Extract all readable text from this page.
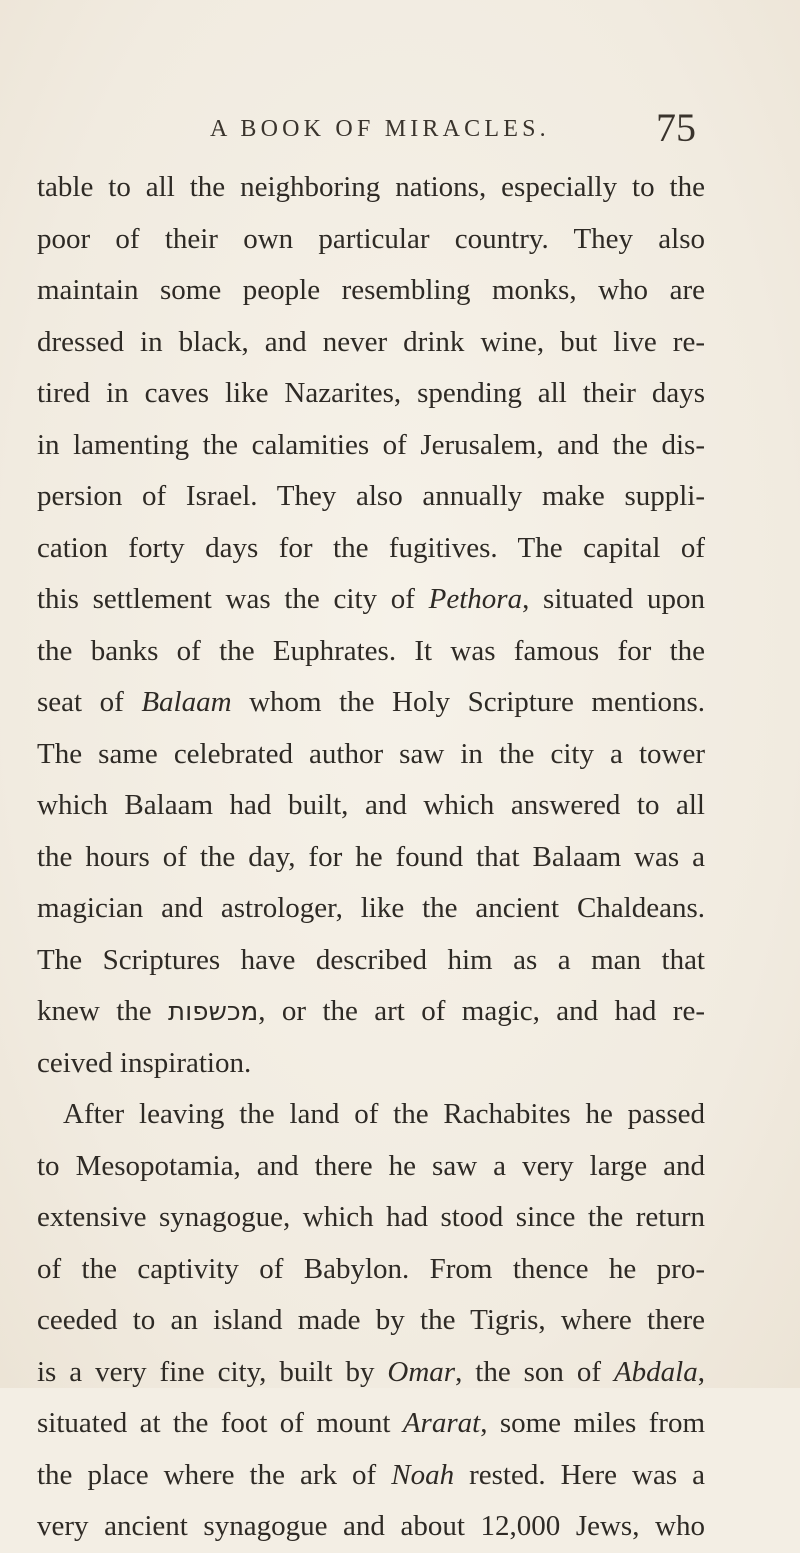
A BOOK OF MIRACLES.	75
table to all the neighboring nations, especially to the
poor of their own particular country. They also
maintain some people resembling monks, who are
dressed in black, and never drink wine, but live re-
tired in caves like Nazarites, spending all their days
in lamenting the calamities of Jerusalem, and the dis-
persion of Israel. They also annually make suppli-
cation forty days for the fugitives. The capital of
this settlement was the city of Pethora, situated upon
the banks of the Euphrates. It was famous for the
seat of Balaam whom the Holy Scripture mentions.
The same celebrated author saw in the city a tower
which Balaam had built, and which answered to all
the hours of the day, for he found that Balaam was a
magician and astrologer, like the ancient Chaldeans.
The Scriptures have described him as a man that
knew the מכשפות, or the art of magic, and had re-
ceived inspiration.
After leaving the land of the Rachabites he passed
to Mesopotamia, and there he saw a very large and
extensive synagogue, which had stood since the return
of the captivity of Babylon. From thence he pro-
ceeded to an island made by the Tigris, where there
is a very fine city, built by Omar, the son of Abdala,
situated at the foot of mount Ararat, some miles from
the place where the ark of Noah rested. Here was a
very ancient synagogue and about 12,000 Jews, who
